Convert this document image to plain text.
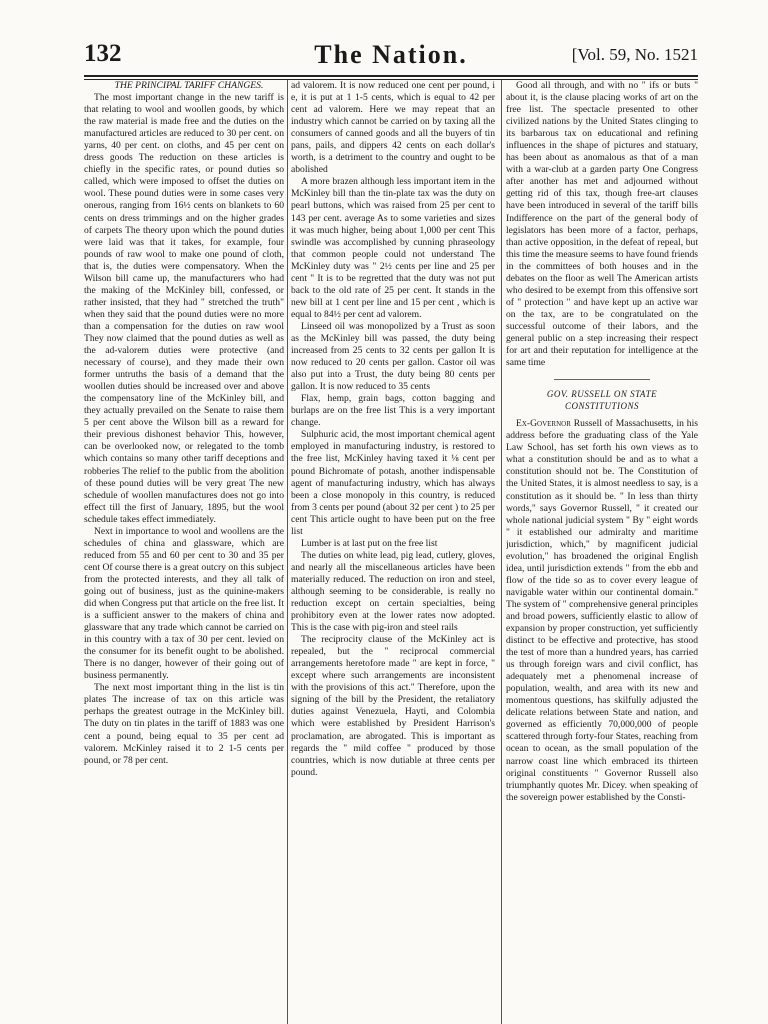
132	The Nation.	[Vol. 59, No. 1521

THE PRINCIPAL TARIFF CHANGES.

The most important change in the new tariff is that relating to wool and woollen goods, by which the raw material is made free and the duties on the manufactured articles are reduced to 30 per cent. on yarns, 40 per cent. on cloths, and 45 per cent on dress goods The reduction on these articles is chiefly in the specific rates, or pound duties so called, which were imposed to offset the duties on wool. These pound duties were in some cases very onerous, ranging from 16½ cents on blankets to 60 cents on dress trimmings and on the higher grades of carpets The theory upon which the pound duties were laid was that it takes, for example, four pounds of raw wool to make one pound of cloth, that is, the duties were compensatory. When the Wilson bill came up, the manufacturers who had the making of the McKinley bill, confessed, or rather insisted, that they had " stretched the truth" when they said that the pound duties were no more than a compensation for the duties on raw wool They now claimed that the pound duties as well as the ad-valorem duties were protective (and necessary of course), and they made their own former untruths the basis of a demand that the woollen duties should be increased over and above the compensatory line of the McKinley bill, and they actually prevailed on the Senate to raise them 5 per cent above the Wilson bill as a reward for their previous dishonest behavior This, however, can be overlooked now, or relegated to the tomb which contains so many other tariff deceptions and robberies The relief to the public from the abolition of these pound duties will be very great The new schedule of woollen manufactures does not go into effect till the first of January, 1895, but the wool schedule takes effect immediately.

Next in importance to wool and woollens are the schedules of china and glassware, which are reduced from 55 and 60 per cent to 30 and 35 per cent Of course there is a great outcry on this subject from the protected interests, and they all talk of going out of business, just as the quinine-makers did when Congress put that article on the free list. It is a sufficient answer to the makers of china and glassware that any trade which cannot be carried on in this country with a tax of 30 per cent. levied on the consumer for its benefit ought to be abolished. There is no danger, however of their going out of business permanently.

The next most important thing in the list is tin plates The increase of tax on this article was perhaps the greatest outrage in the McKinley bill. The duty on tin plates in the tariff of 1883 was one cent a pound, being equal to 35 per cent ad valorem. McKinley raised it to 2 1-5 cents per pound, or 78 per cent.

ad valorem. It is now reduced one cent per pound, i e, it is put at 1 1-5 cents, which is equal to 42 per cent ad valorem. Here we may repeat that an industry which cannot be carried on by taxing all the consumers of canned goods and all the buyers of tin pans, pails, and dippers 42 cents on each dollar's worth, is a detriment to the country and ought to be abolished

A more brazen although less important item in the McKinley bill than the tin-plate tax was the duty on pearl buttons, which was raised from 25 per cent to 143 per cent. average As to some varieties and sizes it was much higher, being about 1,000 per cent This swindle was accomplished by cunning phraseology that common people could not understand The McKinley duty was " 2½ cents per line and 25 per cent " It is to be regretted that the duty was not put back to the old rate of 25 per cent. It stands in the new bill at 1 cent per line and 15 per cent , which is equal to 84½ per cent ad valorem.

Linseed oil was monopolized by a Trust as soon as the McKinley bill was passed, the duty being increased from 25 cents to 32 cents per gallon It is now reduced to 20 cents per gallon. Castor oil was also put into a Trust, the duty being 80 cents per gallon. It is now reduced to 35 cents

Flax, hemp, grain bags, cotton bagging and burlaps are on the free list This is a very important change.

Sulphuric acid, the most important chemical agent employed in manufacturing industry, is restored to the free list, McKinley having taxed it ⅛ cent per pound Bichromate of potash, another indispensable agent of manufacturing industry, which has always been a close monopoly in this country, is reduced from 3 cents per pound (about 32 per cent ) to 25 per cent This article ought to have been put on the free list

Lumber is at last put on the free list

The duties on white lead, pig lead, cutlery, gloves, and nearly all the miscellaneous articles have been materially reduced. The reduction on iron and steel, although seeming to be considerable, is really no reduction except on certain specialties, being prohibitory even at the lower rates now adopted. This is the case with pig-iron and steel rails

The reciprocity clause of the McKinley act is repealed, but the " reciprocal commercial arrangements heretofore made " are kept in force, " except where such arrangements are inconsistent with the provisions of this act." Therefore, upon the signing of the bill by the President, the retaliatory duties against Venezuela, Hayti, and Colombia which were established by President Harrison's proclamation, are abrogated. This is important as regards the " mild coffee " produced by those countries, which is now dutiable at three cents per pound.

Good all through, and with no " ifs or buts " about it, is the clause placing works of art on the free list. The spectacle presented to other civilized nations by the United States clinging to its barbarous tax on educational and refining influences in the shape of pictures and statuary, has been about as anomalous as that of a man with a war-club at a garden party One Congress after another has met and adjourned without getting rid of this tax, though free-art clauses have been introduced in several of the tariff bills Indifference on the part of the general body of legislators has been more of a factor, perhaps, than active opposition, in the defeat of repeal, but this time the measure seems to have found friends in the committees of both houses and in the debates on the floor as well The American artists who desired to be exempt from this offensive sort of " protection " and have kept up an active war on the tax, are to be congratulated on the successful outcome of their labors, and the general public on a step increasing their respect for art and their reputation for intelligence at the same time

GOV. RUSSELL ON STATE CONSTITUTIONS

Ex-Governor Russell of Massachusetts, in his address before the graduating class of the Yale Law School, has set forth his own views as to what a constitution should be and as to what a constitution should not be. The Constitution of the United States, it is almost needless to say, is a constitution as it should be. " In less than thirty words," says Governor Russell, " it created our whole national judicial system " By " eight words " it established our admiralty and maritime jurisdiction, which," by magnificent judicial evolution," has broadened the original English idea, until jurisdiction extends " from the ebb and flow of the tide so as to cover every league of navigable water within our continental domain." The system of " comprehensive general principles and broad powers, sufficiently elastic to allow of expansion by proper construction, yet sufficiently distinct to be effective and protective, has stood the test of more than a hundred years, has carried us through foreign wars and civil conflict, has adequately met a phenomenal increase of population, wealth, and area with its new and momentous questions, has skilfully adjusted the delicate relations between State and nation, and governed as efficiently 70,000,000 of people scattered through forty-four States, reaching from ocean to ocean, as the small population of the narrow coast line which embraced its thirteen original constituents " Governor Russell also triumphantly quotes Mr. Dicey. when speaking of the sovereign power established by the Consti-
